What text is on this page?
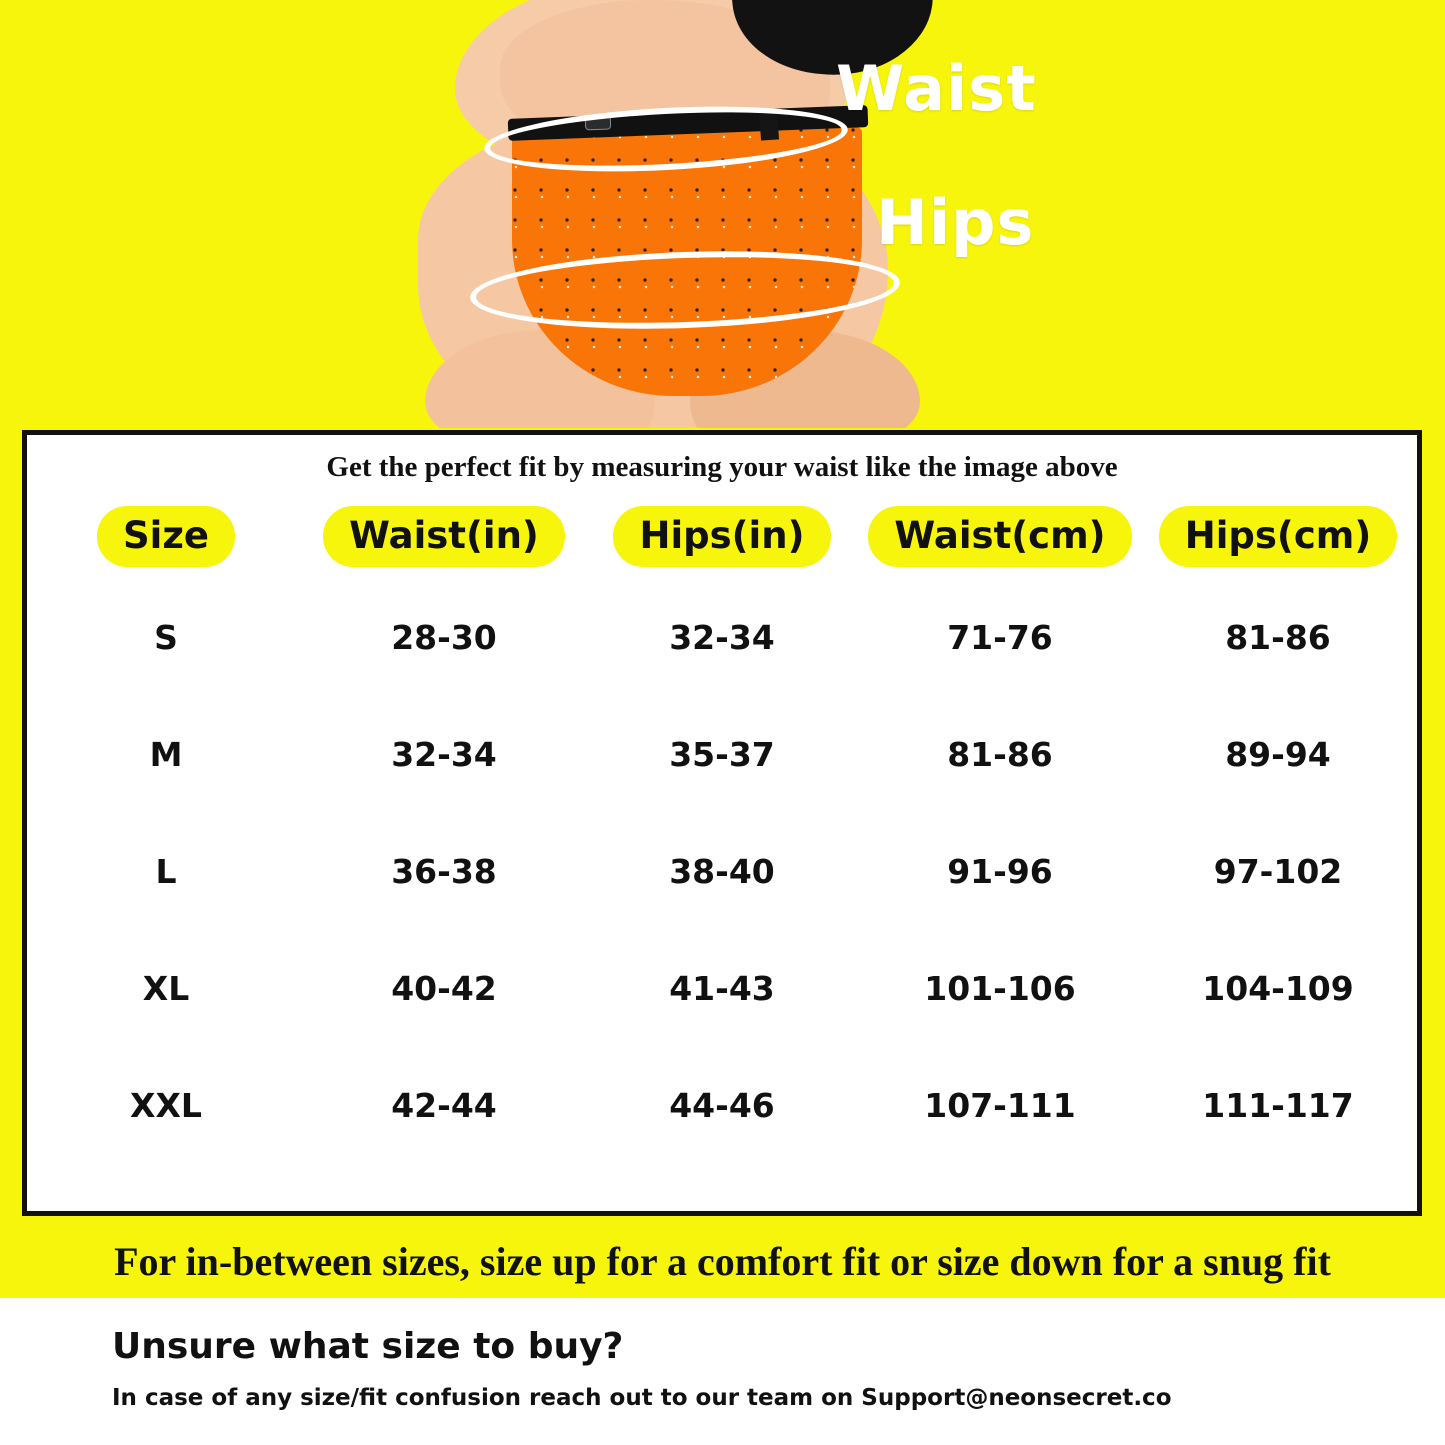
Waist
Hips
Get the perfect fit by measuring your waist like the image above
Size	Waist(in)	Hips(in)	Waist(cm)	Hips(cm)
S	28-30	32-34	71-76	81-86
M	32-34	35-37	81-86	89-94
L	36-38	38-40	91-96	97-102
XL	40-42	41-43	101-106	104-109
XXL	42-44	44-46	107-111	111-117
For in-between sizes, size up for a comfort fit or size down for a snug fit
Unsure what size to buy?
In case of any size/fit confusion reach out to our team on Support@neonsecret.co
